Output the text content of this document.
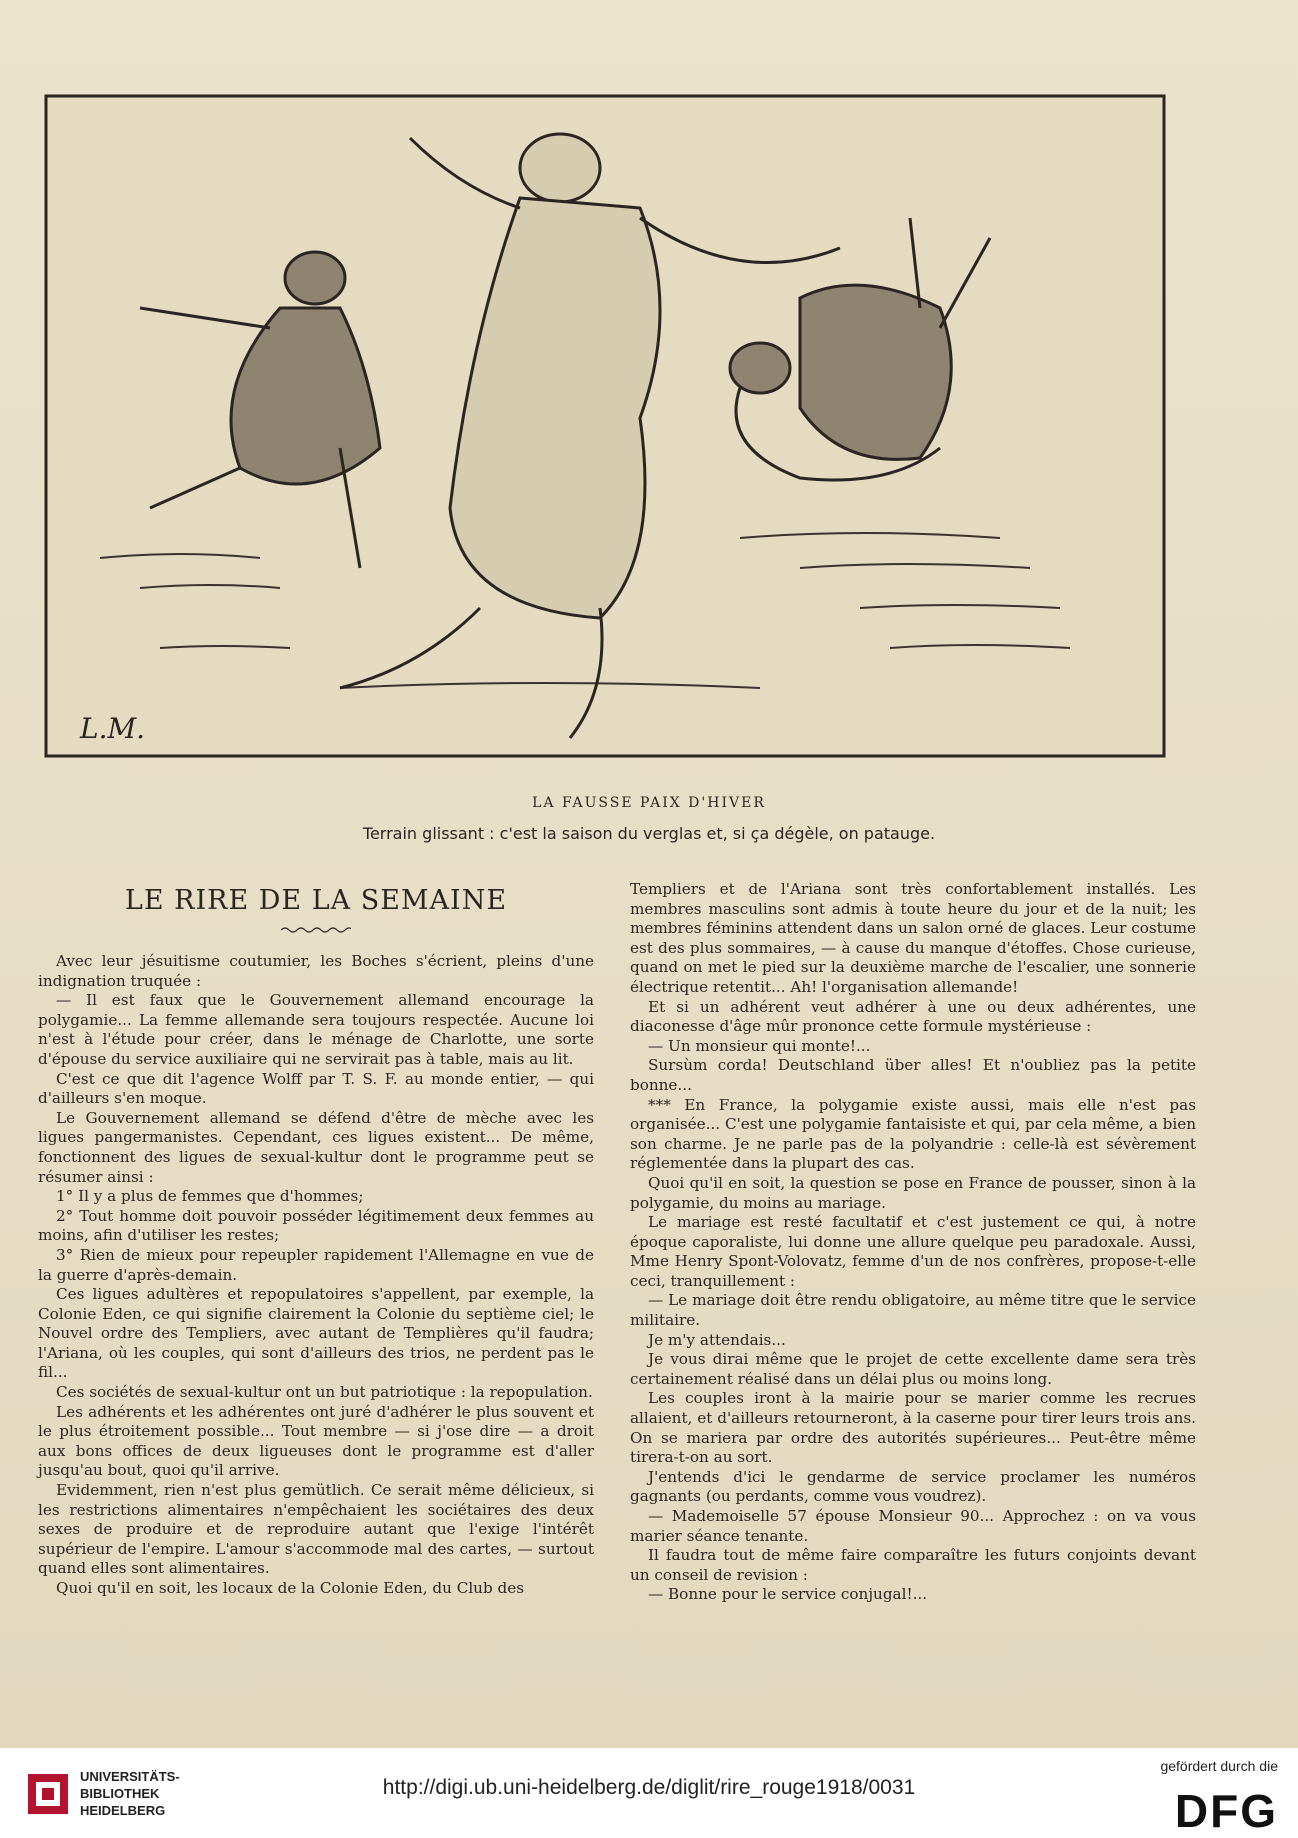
L.M.
LA FAUSSE PAIX D'HIVER
Terrain glissant : c'est la saison du verglas et, si ça dégèle, on patauge.
LE RIRE DE LA SEMAINE

Avec leur jésuitisme coutumier, les Boches s'écrient, pleins d'une indignation truquée :

— Il est faux que le Gouvernement allemand encourage la polygamie... La femme allemande sera toujours respectée. Aucune loi n'est à l'étude pour créer, dans le ménage de Charlotte, une sorte d'épouse du service auxiliaire qui ne servirait pas à table, mais au lit.

C'est ce que dit l'agence Wolff par T. S. F. au monde entier, — qui d'ailleurs s'en moque.

Le Gouvernement allemand se défend d'être de mèche avec les ligues pangermanistes. Cependant, ces ligues existent... De même, fonctionnent des ligues de sexual-kultur dont le programme peut se résumer ainsi :

1° Il y a plus de femmes que d'hommes;

2° Tout homme doit pouvoir posséder légitimement deux femmes au moins, afin d'utiliser les restes;

3° Rien de mieux pour repeupler rapidement l'Allemagne en vue de la guerre d'après-demain.

Ces ligues adultères et repopulatoires s'appellent, par exemple, la Colonie Eden, ce qui signifie clairement la Colonie du septième ciel; le Nouvel ordre des Templiers, avec autant de Templières qu'il faudra; l'Ariana, où les couples, qui sont d'ailleurs des trios, ne perdent pas le fil...

Ces sociétés de sexual-kultur ont un but patriotique : la repopulation.

Les adhérents et les adhérentes ont juré d'adhérer le plus souvent et le plus étroitement possible... Tout membre — si j'ose dire — a droit aux bons offices de deux ligueuses dont le programme est d'aller jusqu'au bout, quoi qu'il arrive.

Evidemment, rien n'est plus gemütlich. Ce serait même délicieux, si les restrictions alimentaires n'empêchaient les sociétaires des deux sexes de produire et de reproduire autant que l'exige l'intérêt supérieur de l'empire. L'amour s'accommode mal des cartes, — surtout quand elles sont alimentaires.

Quoi qu'il en soit, les locaux de la Colonie Eden, du Club des

Templiers et de l'Ariana sont très confortablement installés. Les membres masculins sont admis à toute heure du jour et de la nuit; les membres féminins attendent dans un salon orné de glaces. Leur costume est des plus sommaires, — à cause du manque d'étoffes. Chose curieuse, quand on met le pied sur la deuxième marche de l'escalier, une sonnerie électrique retentit... Ah! l'organisation allemande!

Et si un adhérent veut adhérer à une ou deux adhérentes, une diaconesse d'âge mûr prononce cette formule mystérieuse :

— Un monsieur qui monte!...

Sursùm corda! Deutschland über alles! Et n'oubliez pas la petite bonne...

*** En France, la polygamie existe aussi, mais elle n'est pas organisée... C'est une polygamie fantaisiste et qui, par cela même, a bien son charme. Je ne parle pas de la polyandrie : celle-là est sévèrement réglementée dans la plupart des cas.

Quoi qu'il en soit, la question se pose en France de pousser, sinon à la polygamie, du moins au mariage.

Le mariage est resté facultatif et c'est justement ce qui, à notre époque caporaliste, lui donne une allure quelque peu paradoxale. Aussi, Mme Henry Spont-Volovatz, femme d'un de nos confrères, propose-t-elle ceci, tranquillement :

— Le mariage doit être rendu obligatoire, au même titre que le service militaire.

Je m'y attendais...

Je vous dirai même que le projet de cette excellente dame sera très certainement réalisé dans un délai plus ou moins long.

Les couples iront à la mairie pour se marier comme les recrues allaient, et d'ailleurs retourneront, à la caserne pour tirer leurs trois ans. On se mariera par ordre des autorités supérieures... Peut-être même tirera-t-on au sort.

J'entends d'ici le gendarme de service proclamer les numéros gagnants (ou perdants, comme vous voudrez).

— Mademoiselle 57 épouse Monsieur 90... Approchez : on va vous marier séance tenante.

Il faudra tout de même faire comparaître les futurs conjoints devant un conseil de revision :

— Bonne pour le service conjugal!...

UNIVERSITÄTS-
BIBLIOTHEK
HEIDELBERG
http://digi.ub.uni-heidelberg.de/diglit/rire_rouge1918/0031
gefördert durch die
DFG
